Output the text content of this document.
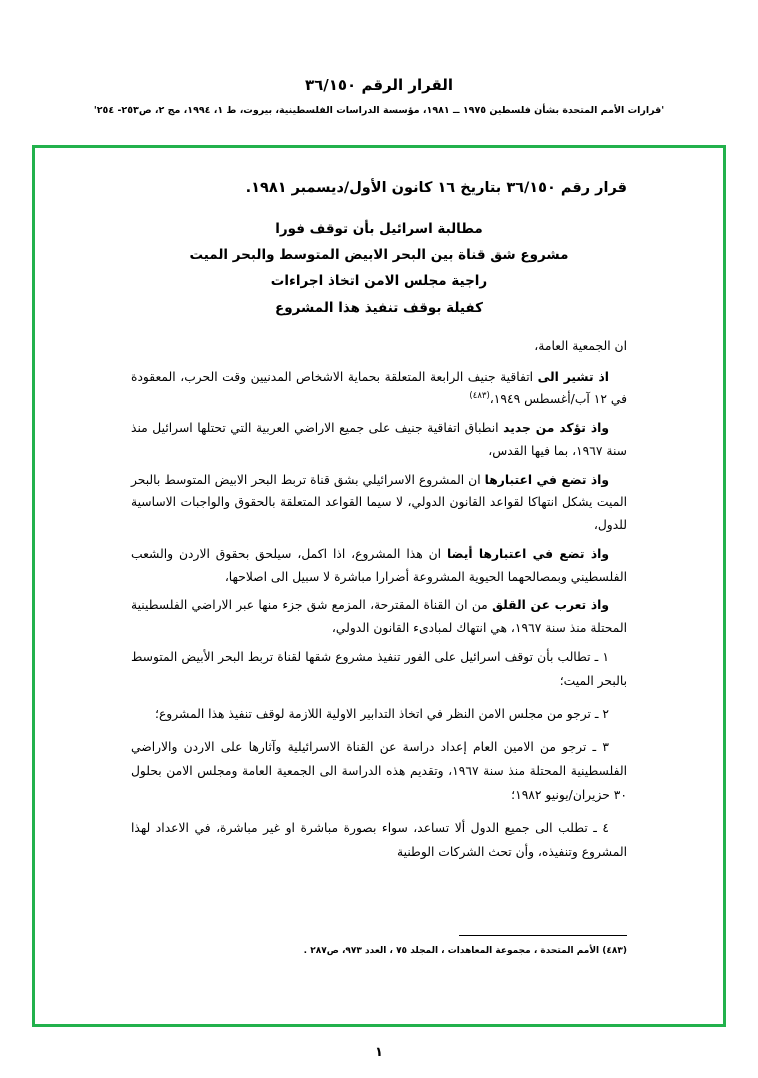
القرار الرقم ٣٦/١٥٠
'قرارات الأمم المتحدة بشأن فلسطين ١٩٧٥ ــ ١٩٨١، مؤسسة الدراسات الفلسطينية، بيروت، ط ١، ١٩٩٤، مج ٢، ص٢٥٣- ٢٥٤'
قرار رقم ٣٦/١٥٠ بتاريخ ١٦ كانون الأول/ديسمبر ١٩٨١.
مطالبة اسرائيل بأن توقف فورا
مشروع شق قناة بين البحر الابيض المتوسط والبحر الميت
راجية مجلس الامن اتخاذ اجراءات
كفيلة بوقف تنفيذ هذا المشروع
ان الجمعية العامة،
اذ تشير الى اتفاقية جنيف الرابعة المتعلقة بحماية الاشخاص المدنيين وقت الحرب، المعقودة في ١٢ آب/أغسطس ١٩٤٩،$^{(٤٨٣)}$
واذ تؤكد من جديد انطباق اتفاقية جنيف على جميع الاراضي العربية التي تحتلها اسرائيل منذ سنة ١٩٦٧، بما فيها القدس،
واذ تضع في اعتبارها ان المشروع الاسرائيلي بشق قناة تربط البحر الابيض المتوسط بالبحر الميت يشكل انتهاكا لقواعد القانون الدولي، لا سيما القواعد المتعلقة بالحقوق والواجبات الاساسية للدول،
واذ تضع في اعتبارها أيضا ان هذا المشروع، اذا اكمل، سيلحق بحقوق الاردن والشعب الفلسطيني وبمصالحهما الحيوية المشروعة أضرارا مباشرة لا سبيل الى اصلاحها،
واذ تعرب عن القلق من ان القناة المقترحة، المزمع شق جزء منها عبر الاراضي الفلسطينية المحتلة منذ سنة ١٩٦٧، هي انتهاك لمبادىء القانون الدولي،
١ ـ تطالب بأن توقف اسرائيل على الفور تنفيذ مشروع شقها لقناة تربط البحر الأبيض المتوسط بالبحر الميت؛
٢ ـ ترجو من مجلس الامن النظر في اتخاذ التدابير الاولية اللازمة لوقف تنفيذ هذا المشروع؛
٣ ـ ترجو من الامين العام إعداد دراسة عن القناة الاسرائيلية وآثارها على الاردن والاراضي الفلسطينية المحتلة منذ سنة ١٩٦٧، وتقديم هذه الدراسة الى الجمعية العامة ومجلس الامن بحلول ٣٠ حزيران/يونيو ١٩٨٢؛
٤ ـ تطلب الى جميع الدول ألا تساعد، سواء بصورة مباشرة او غير مباشرة، في الاعداد لهذا المشروع وتنفيذه، وأن تحث الشركات الوطنية
(٤٨٣) الأمم المتحدة ، مجموعة المعاهدات ، المجلد ٧٥ ، العدد ٩٧٣، ص٢٨٧ .
١
